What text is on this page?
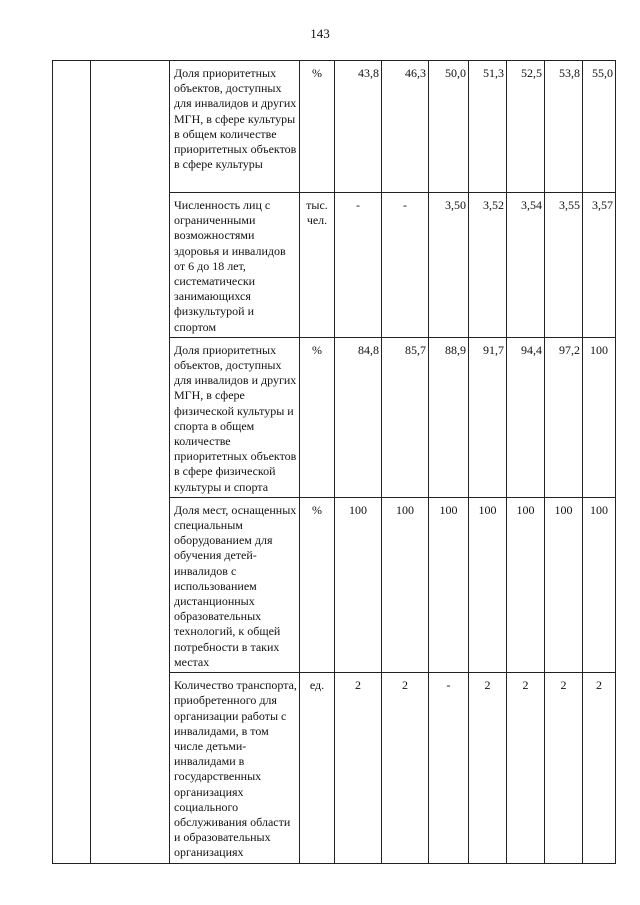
143
		Доля приоритетных объектов, доступных для инвалидов и других МГН, в сфере культуры в общем количестве приоритетных объектов в сфере культуры	%	43,8	46,3	50,0	51,3	52,5	53,8	55,0
		Численность лиц с ограниченными возможностями здоровья и инвалидов от 6 до 18 лет, систематически занимающихся физкультурой и спортом	тыс. чел.	-	-	3,50	3,52	3,54	3,55	3,57
		Доля приоритетных объектов, доступных для инвалидов и других МГН, в сфере физической культуры и спорта в общем количестве приоритетных объектов в сфере физической культуры и спорта	%	84,8	85,7	88,9	91,7	94,4	97,2	100
		Доля мест, оснащенных специальным оборудованием для обучения детей-инвалидов с использованием дистанционных образовательных технологий, к общей потребности в таких местах	%	100	100	100	100	100	100	100
		Количество транспорта, приобретенного для организации работы с инвалидами, в том числе детьми-инвалидами в государственных организациях социального обслуживания области и образовательных организациях	ед.	2	2	-	2	2	2	2
